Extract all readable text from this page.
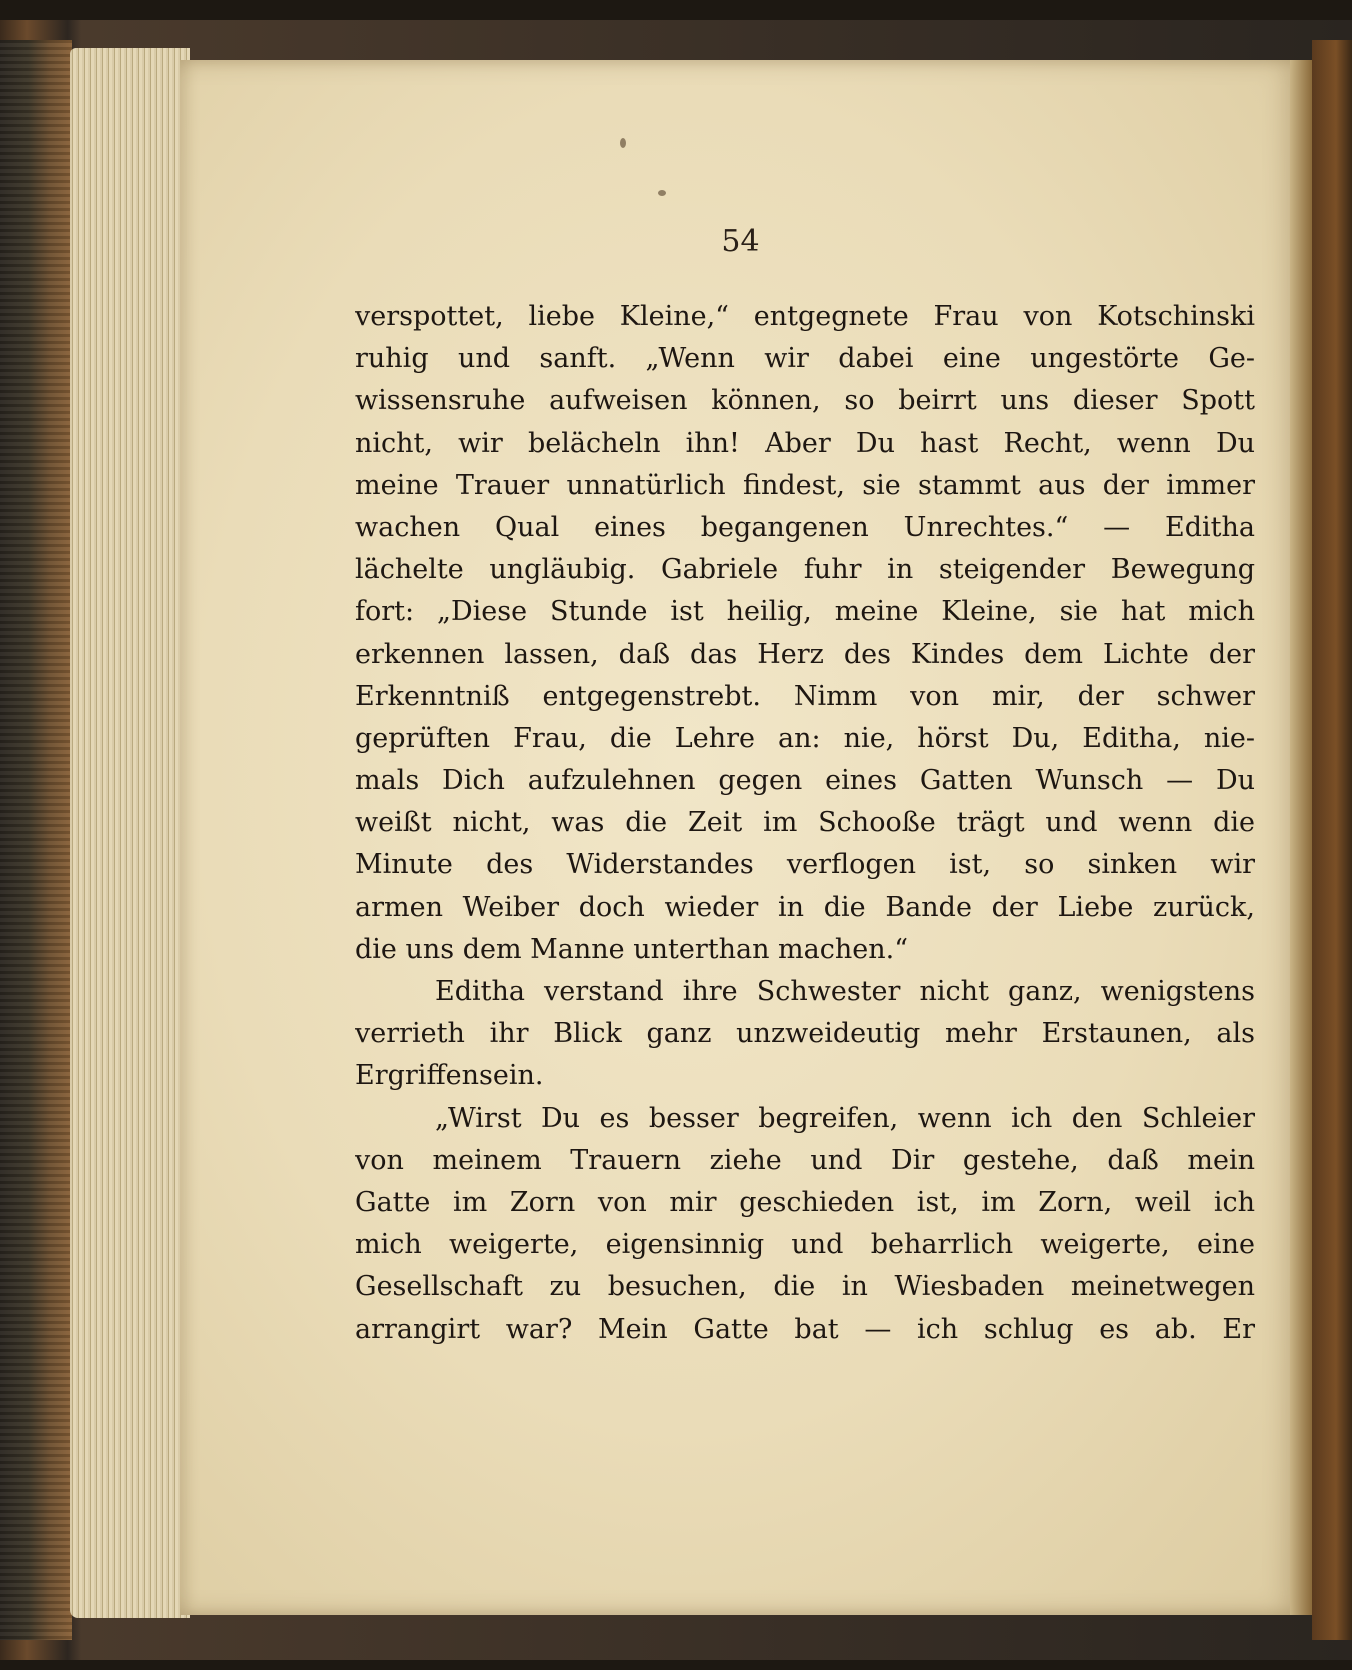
54
verspottet, liebe Kleine,“ entgegnete Frau von Kotschinski
ruhig und sanft. „Wenn wir dabei eine ungestörte Ge-
wissensruhe aufweisen können, so beirrt uns dieser Spott
nicht, wir belächeln ihn! Aber Du hast Recht, wenn Du
meine Trauer unnatürlich findest, sie stammt aus der immer
wachen Qual eines begangenen Unrechtes.“ — Editha
lächelte ungläubig. Gabriele fuhr in steigender Bewegung
fort: „Diese Stunde ist heilig, meine Kleine, sie hat mich
erkennen lassen, daß das Herz des Kindes dem Lichte der
Erkenntniß entgegenstrebt. Nimm von mir, der schwer
geprüften Frau, die Lehre an: nie, hörst Du, Editha, nie-
mals Dich aufzulehnen gegen eines Gatten Wunsch — Du
weißt nicht, was die Zeit im Schooße trägt und wenn die
Minute des Widerstandes verflogen ist, so sinken wir
armen Weiber doch wieder in die Bande der Liebe zurück,
die uns dem Manne unterthan machen.“
Editha verstand ihre Schwester nicht ganz, wenigstens
verrieth ihr Blick ganz unzweideutig mehr Erstaunen, als
Ergriffensein.
„Wirst Du es besser begreifen, wenn ich den Schleier
von meinem Trauern ziehe und Dir gestehe, daß mein
Gatte im Zorn von mir geschieden ist, im Zorn, weil ich
mich weigerte, eigensinnig und beharrlich weigerte, eine
Gesellschaft zu besuchen, die in Wiesbaden meinetwegen
arrangirt war? Mein Gatte bat — ich schlug es ab. Er
